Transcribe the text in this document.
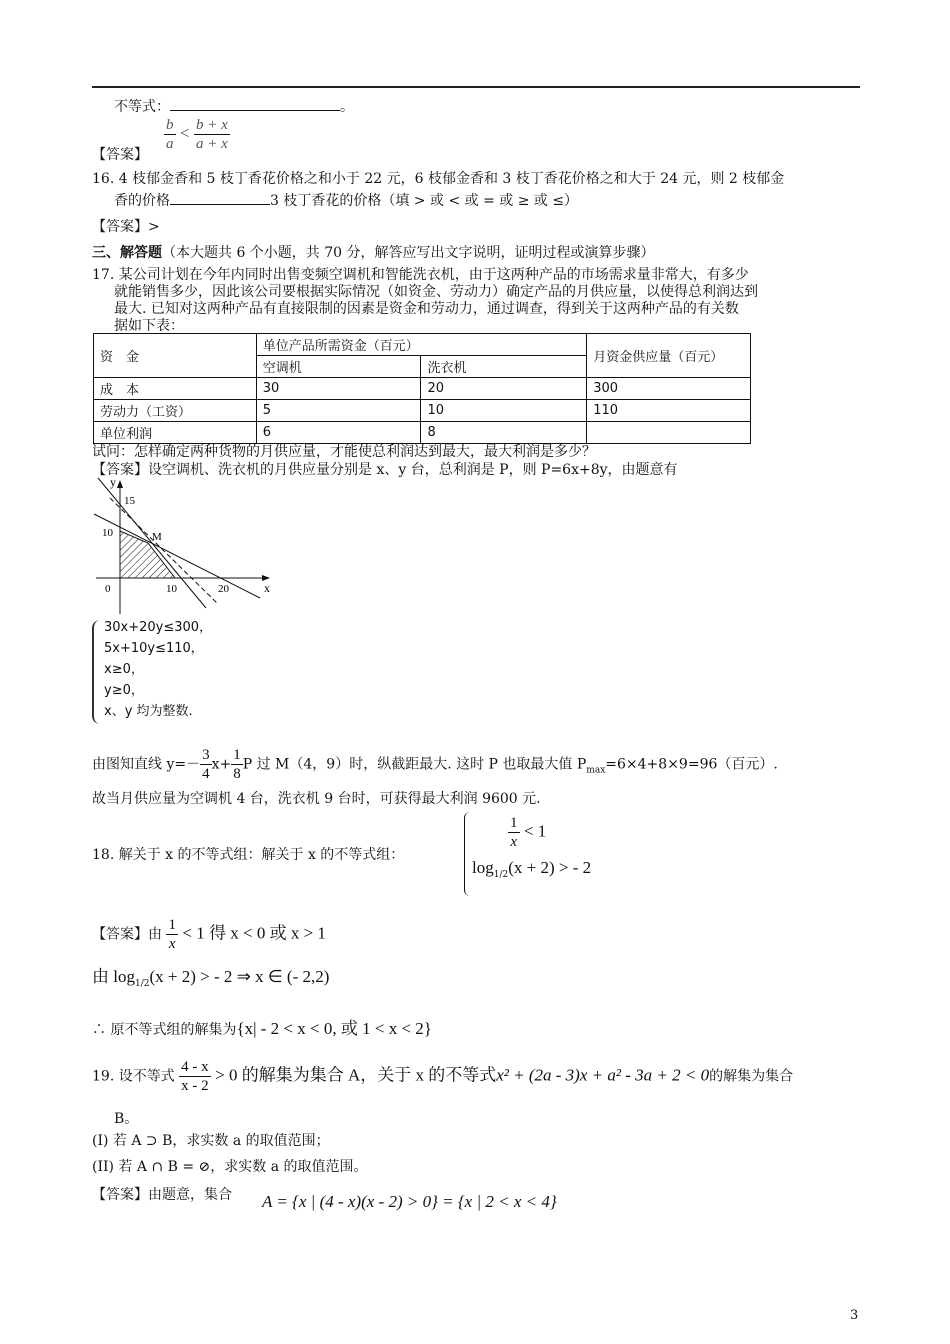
不等式：	。
【答案】
$\frac{b}{a} < \frac{b + x}{a + x}$
16. 4 枝郁金香和 5 枝丁香花价格之和小于 22 元，6 枝郁金香和 3 枝丁香花价格之和大于 24 元，则 2 枝郁金
香的价格	3 枝丁香花的价格（填 > 或 < 或 = 或 ≥ 或 ≤）
【答案】>
三、解答题（本大题共 6 个小题，共 70 分，解答应写出文字说明，证明过程或演算步骤）
17. 某公司计划在今年内同时出售变频空调机和智能洗衣机，由于这两种产品的市场需求量非常大，有多少
就能销售多少，因此该公司要根据实际情况（如资金、劳动力）确定产品的月供应量，以使得总利润达到
最大. 已知对这两种产品有直接限制的因素是资金和劳动力，通过调查，得到关于这两种产品的有关数
据如下表：
资　金	单位产品所需资金（百元）		月资金供应量（百元）
	空调机	洗衣机	
成　本	30	20	300
劳动力（工资）	5	10	110
单位利润	6	8	
试问：怎样确定两种货物的月供应量，才能使总利润达到最大，最大利润是多少？
【答案】设空调机、洗衣机的月供应量分别是 x、y 台，总利润是 P，则 P=6x+8y，由题意有
y
x
15
10
0	10	20
M
30x+20y≤300，
5x+10y≤110，
x≥0，
y≥0，
x、y 均为整数.
由图知直线 $y=- \frac{3}{4} x+ \frac{1}{8}$ P 过 M（4，9）时，纵截距最大. 这时 P 也取最大值 $P_{max}=6\times 4+8\times 9=96$（百元）.
故当月供应量为空调机 4 台，洗衣机 9 台时，可获得最大利润 9600 元.
18. 解关于 x 的不等式组：解关于 x 的不等式组：
$\frac{1}{x} < 1$
$\log_{1/2}(x + 2)$ > - 2
【答案】由 $\frac{1}{x} < 1$ 得 x < 0 或 x > 1
由 $\log_{1/2}(x + 2)$ > - 2 ⇒ x ∈ (- 2,2)
∴ 原不等式组的解集为{x| - 2 < x < 0, 或 1 < x < 2}
19. 设不等式 $\frac{4 - x}{x - 2} > 0$ 的解集为集合 A，关于 x 的不等式x² + (2a - 3)x + a² - 3a + 2 < 0的解集为集合
B。
(I) 若 A ⊃ B，求实数 a 的取值范围；
(II) 若 A ∩ B = ⊘，求实数 a 的取值范围。
【答案】由题意，集合 A = {x | (4 - x)(x - 2) > 0} = {x | 2 < x < 4}
3
